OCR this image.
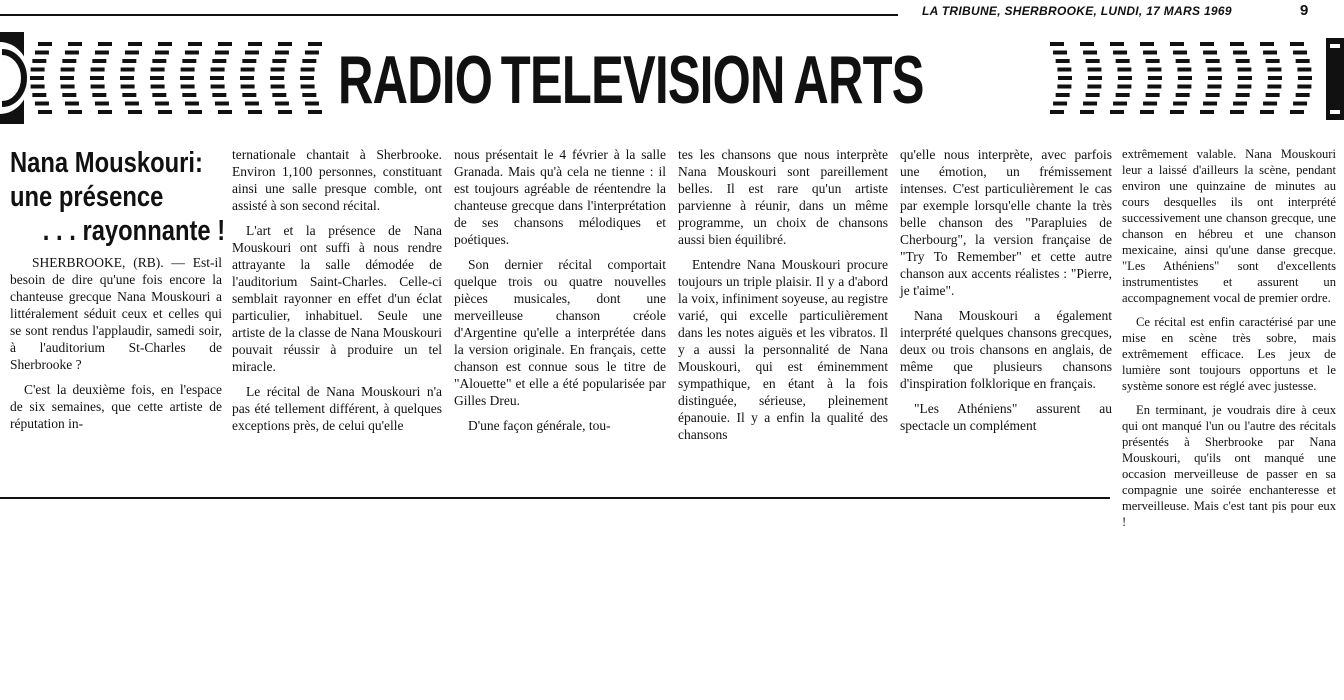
LA TRIBUNE, SHERBROOKE, LUNDI, 17 MARS 1969	9
RADIO TELEVISION ARTS
Nana Mouskouri:
une présence
. . . rayonnante !

SHERBROOKE, (RB). — Est-il besoin de dire qu'une fois encore la chanteuse grecque Nana Mouskouri a littéralement séduit ceux et celles qui se sont rendus l'applaudir, samedi soir, à l'auditorium St-Charles de Sherbrooke ?

C'est la deuxième fois, en l'espace de six semaines, que cette artiste de réputation in-

ternationale chantait à Sherbrooke. Environ 1,100 personnes, constituant ainsi une salle presque comble, ont assisté à son second récital.

L'art et la présence de Nana Mouskouri ont suffi à nous rendre attrayante la salle démodée de l'auditorium Saint-Charles. Celle-ci semblait rayonner en effet d'un éclat particulier, inhabituel. Seule une artiste de la classe de Nana Mouskouri pouvait réussir à produire un tel miracle.

Le récital de Nana Mouskouri n'a pas été tellement différent, à quelques exceptions près, de celui qu'elle

nous présentait le 4 février à la salle Granada. Mais qu'à cela ne tienne : il est toujours agréable de réentendre la chanteuse grecque dans l'interprétation de ses chansons mélodiques et poétiques.

Son dernier récital comportait quelque trois ou quatre nouvelles pièces musicales, dont une merveilleuse chanson créole d'Argentine qu'elle a interprétée dans la version originale. En français, cette chanson est connue sous le titre de "Alouette" et elle a été popularisée par Gilles Dreu.

D'une façon générale, tou-

tes les chansons que nous interprète Nana Mouskouri sont pareillement belles. Il est rare qu'un artiste parvienne à réunir, dans un même programme, un choix de chansons aussi bien équilibré.

Entendre Nana Mouskouri procure toujours un triple plaisir. Il y a d'abord la voix, infiniment soyeuse, au registre varié, qui excelle particulièrement dans les notes aiguës et les vibratos. Il y a aussi la personnalité de Nana Mouskouri, qui est éminemment sympathique, en étant à la fois distinguée, sérieuse, pleinement épanouie. Il y a enfin la qualité des chansons

qu'elle nous interprète, avec parfois une émotion, un frémissement intenses. C'est particulièrement le cas par exemple lorsqu'elle chante la très belle chanson des "Parapluies de Cherbourg", la version française de "Try To Remember" et cette autre chanson aux accents réalistes : "Pierre, je t'aime".

Nana Mouskouri a également interprété quelques chansons grecques, deux ou trois chansons en anglais, de même que plusieurs chansons d'inspiration folklorique en français.

"Les Athéniens" assurent au spectacle un complément

extrêmement valable. Nana Mouskouri leur a laissé d'ailleurs la scène, pendant environ une quinzaine de minutes au cours desquelles ils ont interprété successivement une chanson grecque, une chanson en hébreu et une chanson mexicaine, ainsi qu'une danse grecque. "Les Athéniens" sont d'excellents instrumentistes et assurent un accompagnement vocal de premier ordre.

Ce récital est enfin caractérisé par une mise en scène très sobre, mais extrêmement efficace. Les jeux de lumière sont toujours opportuns et le système sonore est réglé avec justesse.

En terminant, je voudrais dire à ceux qui ont manqué l'un ou l'autre des récitals présentés à Sherbrooke par Nana Mouskouri, qu'ils ont manqué une occasion merveilleuse de passer en sa compagnie une soirée enchanteresse et merveilleuse. Mais c'est tant pis pour eux !
